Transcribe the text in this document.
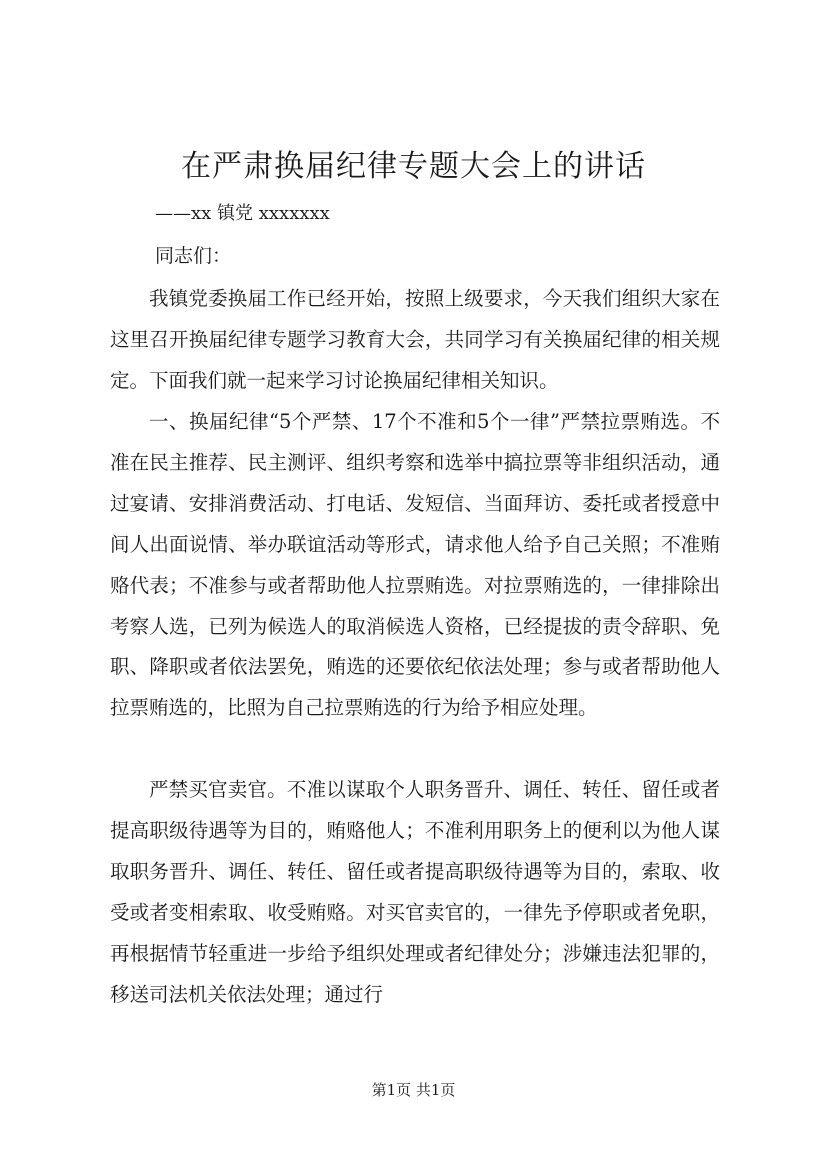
在严肃换届纪律专题大会上的讲话
——xx 镇党 xxxxxxx
同志们：

我镇党委换届工作已经开始，按照上级要求，今天我们组织大家在这里召开换届纪律专题学习教育大会，共同学习有关换届纪律的相关规定。下面我们就一起来学习讨论换届纪律相关知识。

一、换届纪律“5个严禁、17个不准和5个一律”严禁拉票贿选。不准在民主推荐、民主测评、组织考察和选举中搞拉票等非组织活动，通过宴请、安排消费活动、打电话、发短信、当面拜访、委托或者授意中间人出面说情、举办联谊活动等形式，请求他人给予自己关照；不准贿赂代表；不准参与或者帮助他人拉票贿选。对拉票贿选的，一律排除出考察人选，已列为候选人的取消候选人资格，已经提拔的责令辞职、免职、降职或者依法罢免，贿选的还要依纪依法处理；参与或者帮助他人拉票贿选的，比照为自己拉票贿选的行为给予相应处理。

严禁买官卖官。不准以谋取个人职务晋升、调任、转任、留任或者提高职级待遇等为目的，贿赂他人；不准利用职务上的便利以为他人谋取职务晋升、调任、转任、留任或者提高职级待遇等为目的，索取、收受或者变相索取、收受贿赂。对买官卖官的，一律先予停职或者免职，再根据情节轻重进一步给予组织处理或者纪律处分；涉嫌违法犯罪的，移送司法机关依法处理；通过行

第1页 共1页
